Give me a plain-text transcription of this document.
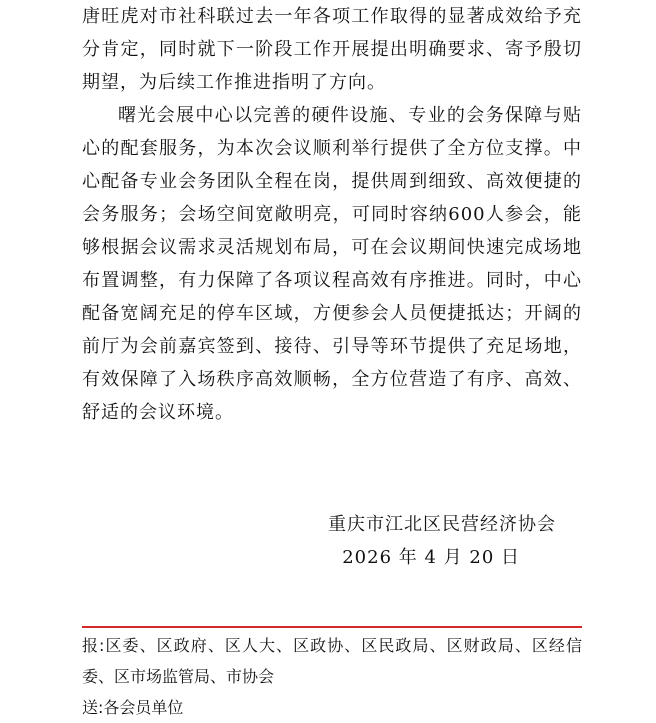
唐旺虎对市社科联过去一年各项工作取得的显著成效给予充分肯定，同时就下一阶段工作开展提出明确要求、寄予殷切期望，为后续工作推进指明了方向。

曙光会展中心以完善的硬件设施、专业的会务保障与贴心的配套服务，为本次会议顺利举行提供了全方位支撑。中心配备专业会务团队全程在岗，提供周到细致、高效便捷的会务服务；会场空间宽敞明亮，可同时容纳600人参会，能够根据会议需求灵活规划布局，可在会议期间快速完成场地布置调整，有力保障了各项议程高效有序推进。同时，中心配备宽阔充足的停车区域，方便参会人员便捷抵达；开阔的前厅为会前嘉宾签到、接待、引导等环节提供了充足场地，有效保障了入场秩序高效顺畅，全方位营造了有序、高效、舒适的会议环境。

重庆市江北区民营经济协会
2026 年 4 月 20 日

报:区委、区政府、区人大、区政协、区民政局、区财政局、区经信委、区市场监管局、市协会

送:各会员单位
